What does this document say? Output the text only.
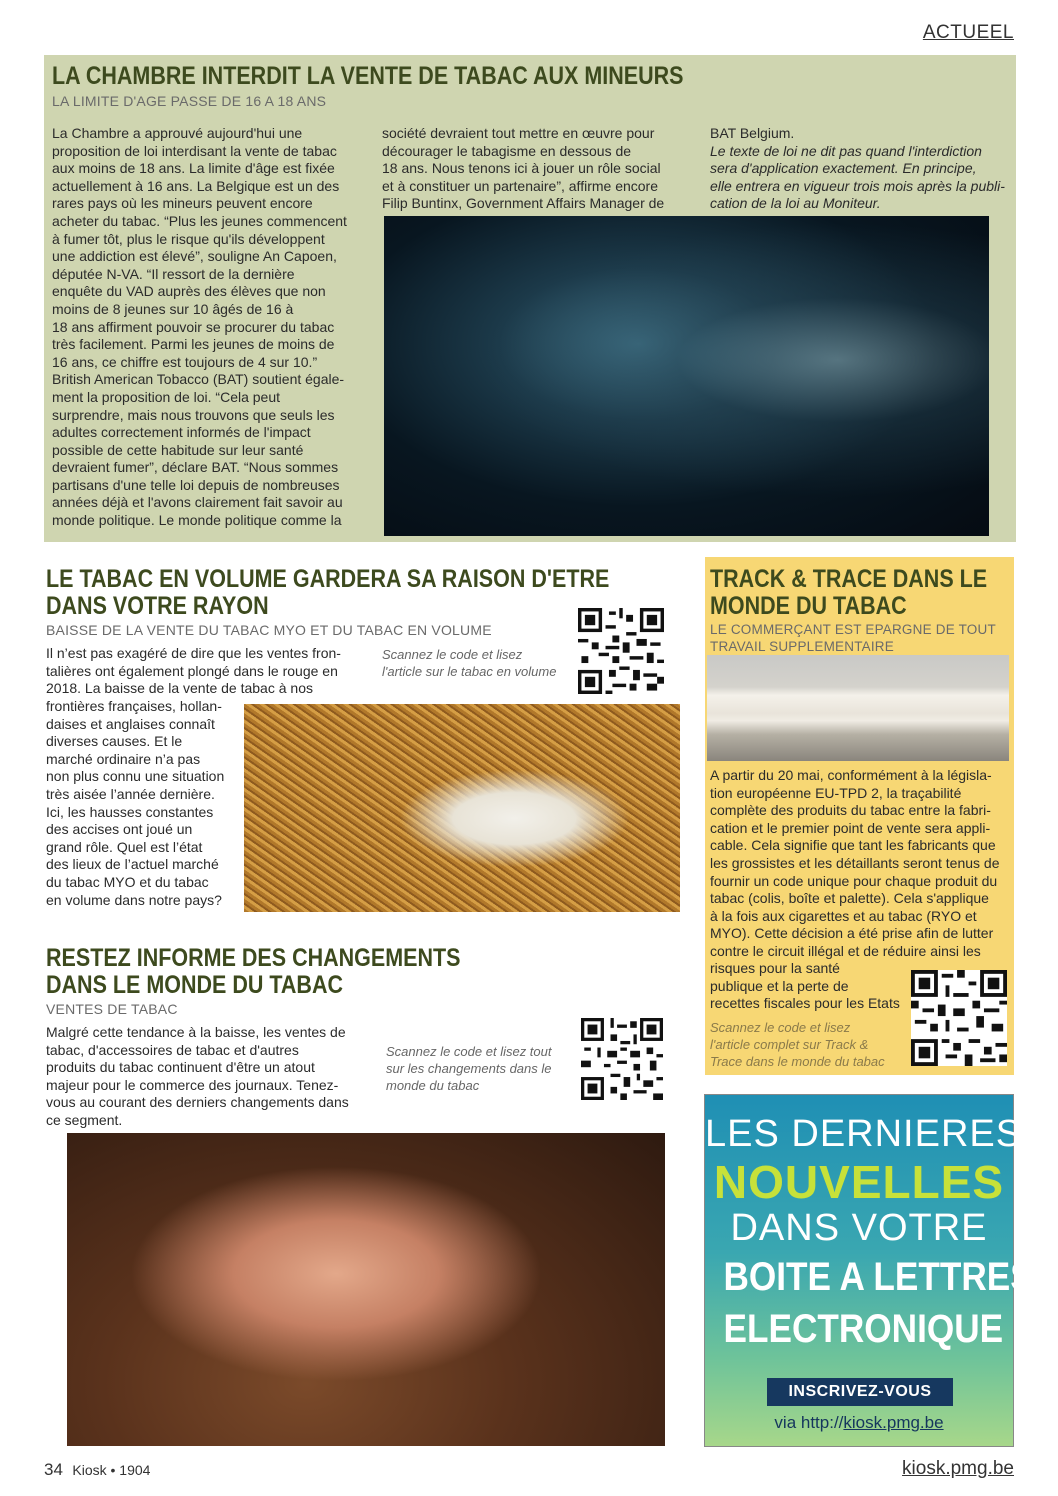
ACTUEEL
LA CHAMBRE INTERDIT LA VENTE DE TABAC AUX MINEURS
LA LIMITE D'AGE PASSE DE 16 A 18 ANS

La Chambre a approuvé aujourd'hui une

proposition de loi interdisant la vente de tabac

aux moins de 18 ans. La limite d'âge est fixée

actuellement à 16 ans. La Belgique est un des

rares pays où les mineurs peuvent encore

acheter du tabac. “Plus les jeunes commencent

à fumer tôt, plus le risque qu'ils développent

une addiction est élevé”, souligne An Capoen,

députée N-VA. “Il ressort de la dernière

enquête du VAD auprès des élèves que non

moins de 8 jeunes sur 10 âgés de 16 à

18 ans affirment pouvoir se procurer du tabac

très facilement. Parmi les jeunes de moins de

16 ans, ce chiffre est toujours de 4 sur 10.”

British American Tobacco (BAT) soutient égale-

ment la proposition de loi. “Cela peut

surprendre, mais nous trouvons que seuls les

adultes correctement informés de l'impact

possible de cette habitude sur leur santé

devraient fumer”, déclare BAT. “Nous sommes

partisans d'une telle loi depuis de nombreuses

années déjà et l'avons clairement fait savoir au

monde politique. Le monde politique comme la

société devraient tout mettre en œuvre pour

décourager le tabagisme en dessous de

18 ans. Nous tenons ici à jouer un rôle social

et à constituer un partenaire”, affirme encore

Filip Buntinx, Government Affairs Manager de

BAT Belgium.

Le texte de loi ne dit pas quand l'interdiction

sera d'application exactement. En principe,

elle entrera en vigueur trois mois après la publi-

cation de la loi au Moniteur.

LE TABAC EN VOLUME GARDERA SA RAISON D'ETRE
DANS VOTRE RAYON
BAISSE DE LA VENTE DU TABAC MYO ET DU TABAC EN VOLUME

Il n’est pas exagéré de dire que les ventes fron-

talières ont également plongé dans le rouge en

2018. La baisse de la vente de tabac à nos

frontières françaises, hollan-

daises et anglaises connaît

diverses causes. Et le

marché ordinaire n’a pas

non plus connu une situation

très aisée l’année dernière.

Ici, les hausses constantes

des accises ont joué un

grand rôle. Quel est l’état

des lieux de l’actuel marché

du tabac MYO et du tabac

en volume dans notre pays?

Scannez le code et lisez
l'article sur le tabac en volume
RESTEZ INFORME DES CHANGEMENTS
DANS LE MONDE DU TABAC
VENTES DE TABAC

Malgré cette tendance à la baisse, les ventes de

tabac, d'accessoires de tabac et d'autres

produits du tabac continuent d'être un atout

majeur pour le commerce des journaux. Tenez-

vous au courant des derniers changements dans

ce segment.

Scannez le code et lisez tout
sur les changements dans le
monde du tabac
TRACK & TRACE DANS LE
MONDE DU TABAC
LE COMMERÇANT EST EPARGNE DE TOUT
TRAVAIL SUPPLEMENTAIRE

A partir du 20 mai, conformément à la législa-

tion européenne EU-TPD 2, la traçabilité

complète des produits du tabac entre la fabri-

cation et le premier point de vente sera appli-

cable. Cela signifie que tant les fabricants que

les grossistes et les détaillants seront tenus de

fournir un code unique pour chaque produit du

tabac (colis, boîte et palette). Cela s'applique

à la fois aux cigarettes et au tabac (RYO et

MYO). Cette décision a été prise afin de lutter

contre le circuit illégal et de réduire ainsi les

risques pour la santé

publique et la perte de

recettes fiscales pour les Etats

Scannez le code et lisez
l'article complet sur Track &
Trace dans le monde du tabac
LES DERNIERES
NOUVELLES
DANS VOTRE
BOITE A LETTRES
ELECTRONIQUE
INSCRIVEZ-VOUS
via http://kiosk.pmg.be
34 Kiosk • 1904	kiosk.pmg.be
